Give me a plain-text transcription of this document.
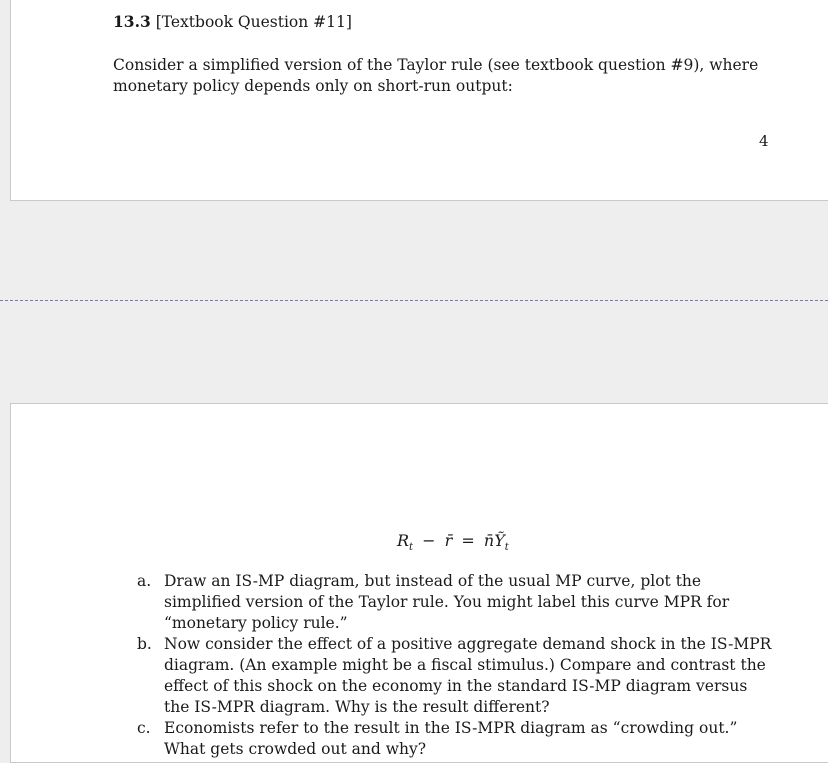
13.3 [Textbook Question #11]
Consider a simplified version of the Taylor rule (see textbook question #9), where monetary policy depends only on short-run output:
4
$R_t$ − r̄ = n̄Ỹ$_t$
a. Draw an IS-MP diagram, but instead of the usual MP curve, plot the simplified version of the Taylor rule. You might label this curve MPR for “monetary policy rule.”
b. Now consider the effect of a positive aggregate demand shock in the IS-MPR diagram. (An example might be a fiscal stimulus.) Compare and contrast the effect of this shock on the economy in the standard IS-MP diagram versus the IS-MPR diagram. Why is the result different?
c. Economists refer to the result in the IS-MPR diagram as “crowding out.” What gets crowded out and why?
